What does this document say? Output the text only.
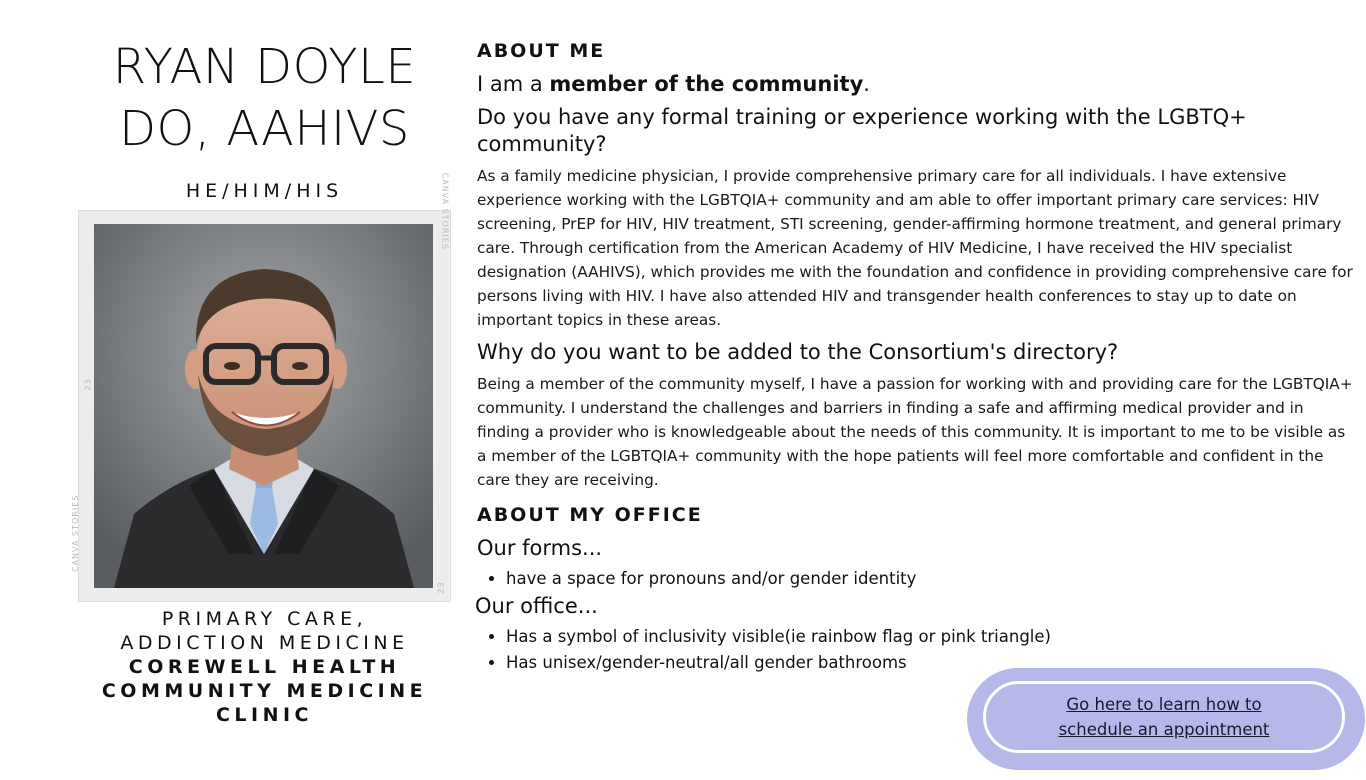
RYAN DOYLE
DO, AAHIVS
HE/HIM/HIS	CANVA STORIES
CANVA STORIES
23
23
PRIMARY CARE,
ADDICTION MEDICINE
COREWELL HEALTH
COMMUNITY MEDICINE
CLINIC
ABOUT ME
I am a member of the community.
Do you have any formal training or experience working with the LGBTQ+ community?
As a family medicine physician, I provide comprehensive primary care for all individuals. I have extensive experience working with the LGBTQIA+ community and am able to offer important primary care services: HIV screening, PrEP for HIV, HIV treatment, STI screening, gender-affirming hormone treatment, and general primary care. Through certification from the American Academy of HIV Medicine, I have received the HIV specialist designation (AAHIVS), which provides me with the foundation and confidence in providing comprehensive care for persons living with HIV. I have also attended HIV and transgender health conferences to stay up to date on important topics in these areas.
Why do you want to be added to the Consortium's directory?
Being a member of the community myself, I have a passion for working with and providing care for the LGBTQIA+ community. I understand the challenges and barriers in finding a safe and affirming medical provider and in finding a provider who is knowledgeable about the needs of this community. It is important to me to be visible as a member of the LGBTQIA+ community with the hope patients will feel more comfortable and confident in the care they are receiving.
ABOUT MY OFFICE
Our forms...
• have a space for pronouns and/or gender identity
Our office...
• Has a symbol of inclusivity visible(ie rainbow flag or pink triangle)
• Has unisex/gender-neutral/all gender bathrooms
Go here to learn how to schedule an appointment
